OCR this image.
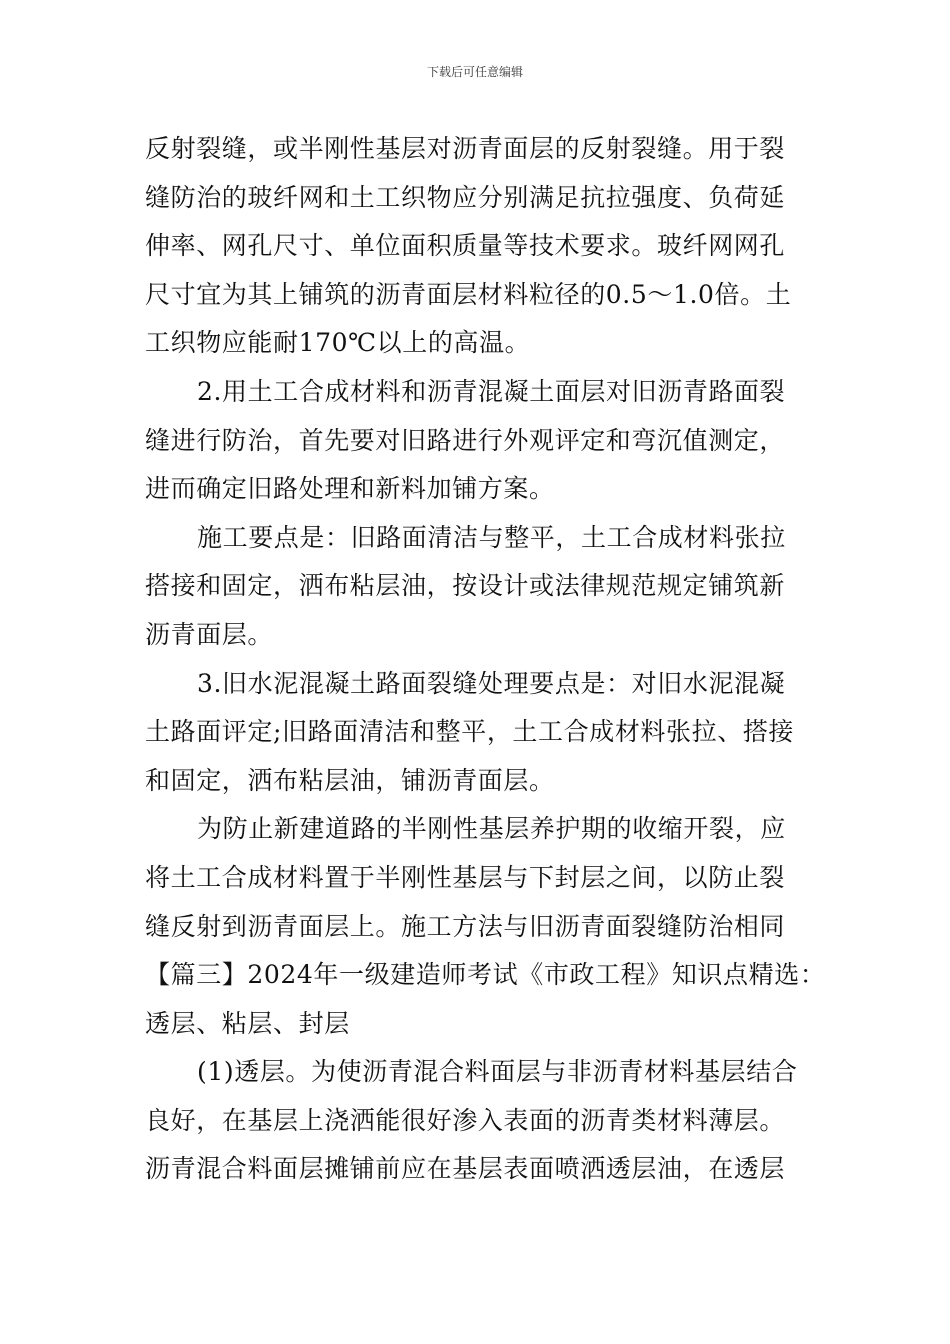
下载后可任意编辑
反射裂缝，或半刚性基层对沥青面层的反射裂缝。用于裂
缝防治的玻纤网和土工织物应分别满足抗拉强度、负荷延
伸率、网孔尺寸、单位面积质量等技术要求。玻纤网网孔
尺寸宜为其上铺筑的沥青面层材料粒径的0.5～1.0倍。土
工织物应能耐170℃以上的高温。
2.用土工合成材料和沥青混凝土面层对旧沥青路面裂
缝进行防治，首先要对旧路进行外观评定和弯沉值测定，
进而确定旧路处理和新料加铺方案。
施工要点是：旧路面清洁与整平，土工合成材料张拉
搭接和固定，洒布粘层油，按设计或法律规范规定铺筑新
沥青面层。
3.旧水泥混凝土路面裂缝处理要点是：对旧水泥混凝
土路面评定;旧路面清洁和整平，土工合成材料张拉、搭接
和固定，洒布粘层油，铺沥青面层。
为防止新建道路的半刚性基层养护期的收缩开裂，应
将土工合成材料置于半刚性基层与下封层之间，以防止裂
缝反射到沥青面层上。施工方法与旧沥青面裂缝防治相同
【篇三】2024年一级建造师考试《市政工程》知识点精选：
透层、粘层、封层
(1)透层。为使沥青混合料面层与非沥青材料基层结合
良好，在基层上浇洒能很好渗入表面的沥青类材料薄层。
沥青混合料面层摊铺前应在基层表面喷洒透层油，在透层
